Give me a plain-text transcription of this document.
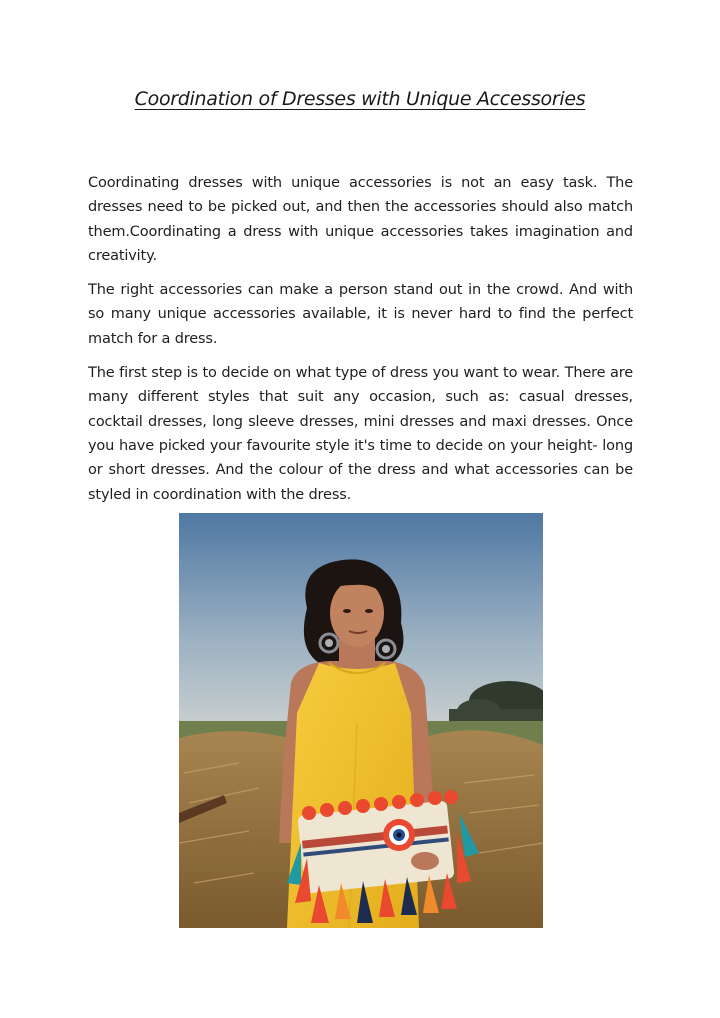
Coordination of Dresses with Unique Accessories

Coordinating dresses with unique accessories is not an easy task. The dresses need to be picked out, and then the accessories should also match them.Coordinating a dress with unique accessories takes imagination and creativity.

The right accessories can make a person stand out in the crowd. And with so many unique accessories available, it is never hard to find the perfect match for a dress.

The first step is to decide on what type of dress you want to wear. There are many different styles that suit any occasion, such as: casual dresses, cocktail dresses, long sleeve dresses, mini dresses and maxi dresses. Once you have picked your favourite style it's time to decide on your height- long or short dresses. And the colour of the dress and what accessories can be styled in coordination with the dress.
